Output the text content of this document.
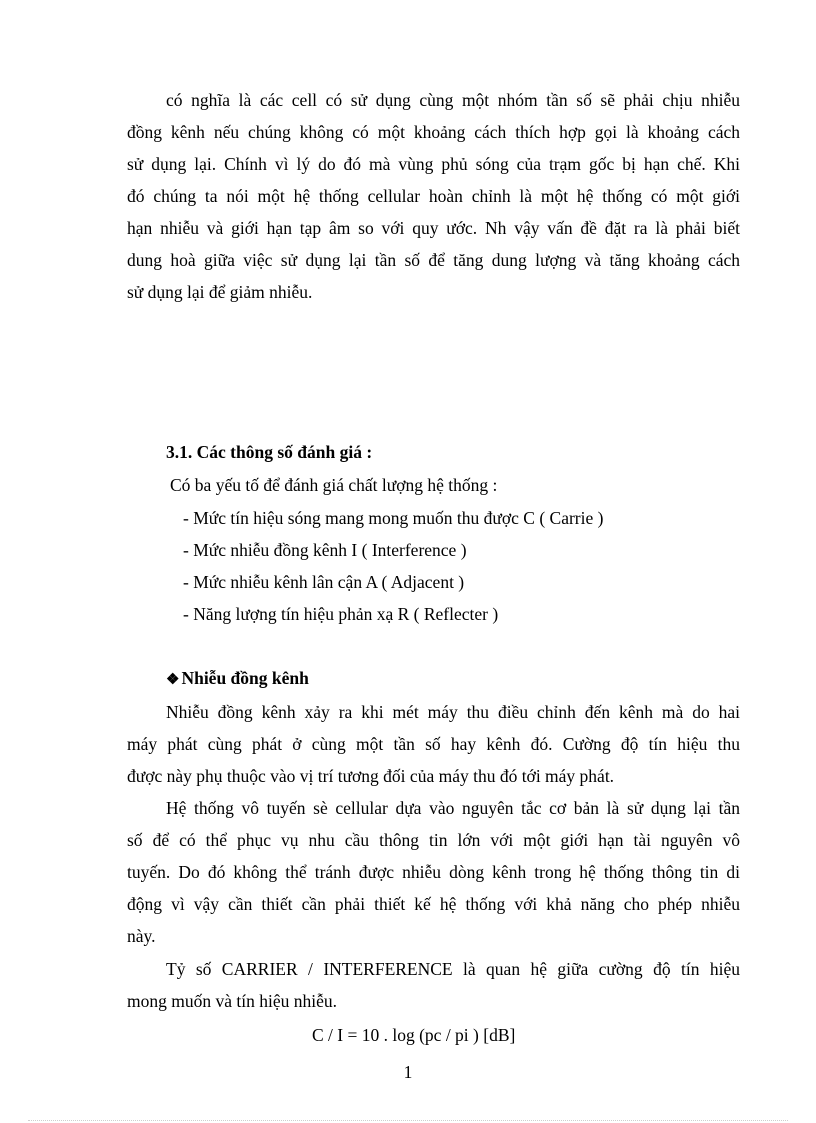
có nghĩa là các cell có sử dụng cùng một nhóm tần số sẽ phải chịu nhiễu
đồng kênh nếu chúng không có một khoảng cách thích hợp gọi là khoảng cách
sử dụng lại. Chính vì lý do đó mà vùng phủ sóng của trạm gốc bị hạn chế. Khi
đó chúng ta nói một hệ thống cellular hoàn chỉnh là một hệ thống có một giới
hạn nhiễu và giới hạn tạp âm so với quy ước. Nh vậy vấn đề đặt ra là phải biết
dung hoà giữa việc sử dụng lại tần số để tăng dung lượng và tăng khoảng cách
sử dụng lại để giảm nhiễu.
3.1. Các thông số đánh giá :
Có ba yếu tố để đánh giá chất lượng hệ thống :
- Mức tín hiệu sóng mang mong muốn thu được C ( Carrie )
- Mức nhiễu đồng kênh I ( Interference )
- Mức nhiễu kênh lân cận A ( Adjacent )
- Năng lượng tín hiệu phản xạ R ( Reflecter )
❖ Nhiễu đồng kênh
Nhiễu đồng kênh xảy ra khi mét máy thu điều chỉnh đến kênh mà do hai
máy phát cùng phát ở cùng một tần số hay kênh đó. Cường độ tín hiệu thu
được này phụ thuộc vào vị trí tương đối của máy thu đó tới máy phát.
Hệ thống vô tuyến sè cellular dựa vào nguyên tắc cơ bản là sử dụng lại tần
số để có thể phục vụ nhu cầu thông tin lớn với một giới hạn tài nguyên vô
tuyến. Do đó không thể tránh được nhiễu dòng kênh trong hệ thống thông tin di
động vì vậy cần thiết cần phải thiết kế hệ thống với khả năng cho phép nhiễu
này.
Tỷ số CARRIER / INTERFERENCE là quan hệ giữa cường độ tín hiệu
mong muốn và tín hiệu nhiễu.
C / I = 10 . log (pc / pi ) [dB]
1
